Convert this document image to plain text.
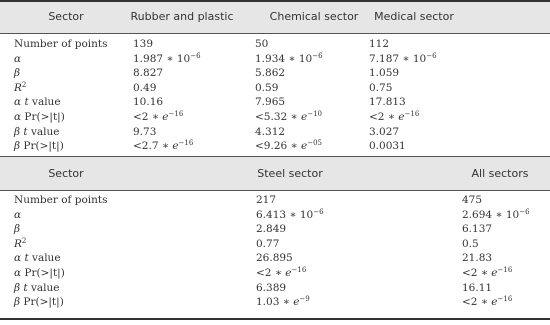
Sector	Rubber and plastic	Chemical sector	Medical sector
Number of points 139	50	112
α	1.987 ∗ $10^{-6}$	1.934 ∗ $10^{-6}$	7.187 ∗ $10^{-6}$
β	8.827	5.862	1.059
$R^2$	0.49	0.59	0.75
α t value	10.16	7.965	17.813
α Pr(>|t|)	<2 ∗ $e^{-16}$	<5.32 ∗ $e^{-10}$	<2 ∗ $e^{-16}$
β t value	9.73	4.312	3.027
β Pr(>|t|)	<2.7 ∗ $e^{-16}$	<9.26 ∗ $e^{-05}$	0.0031
Sector	Steel sector	All sectors
Number of points	217	475
α	6.413 ∗ $10^{-6}$	2.694 ∗ $10^{-6}$
β	2.849	6.137
$R^2$	0.77	0.5
α t value	26.895	21.83
α Pr(>|t|)	<2 ∗ $e^{-16}$	<2 ∗ $e^{-16}$
β t value	6.389	16.11
β Pr(>|t|)	1.03 ∗ $e^{-9}$	<2 ∗ $e^{-16}$
